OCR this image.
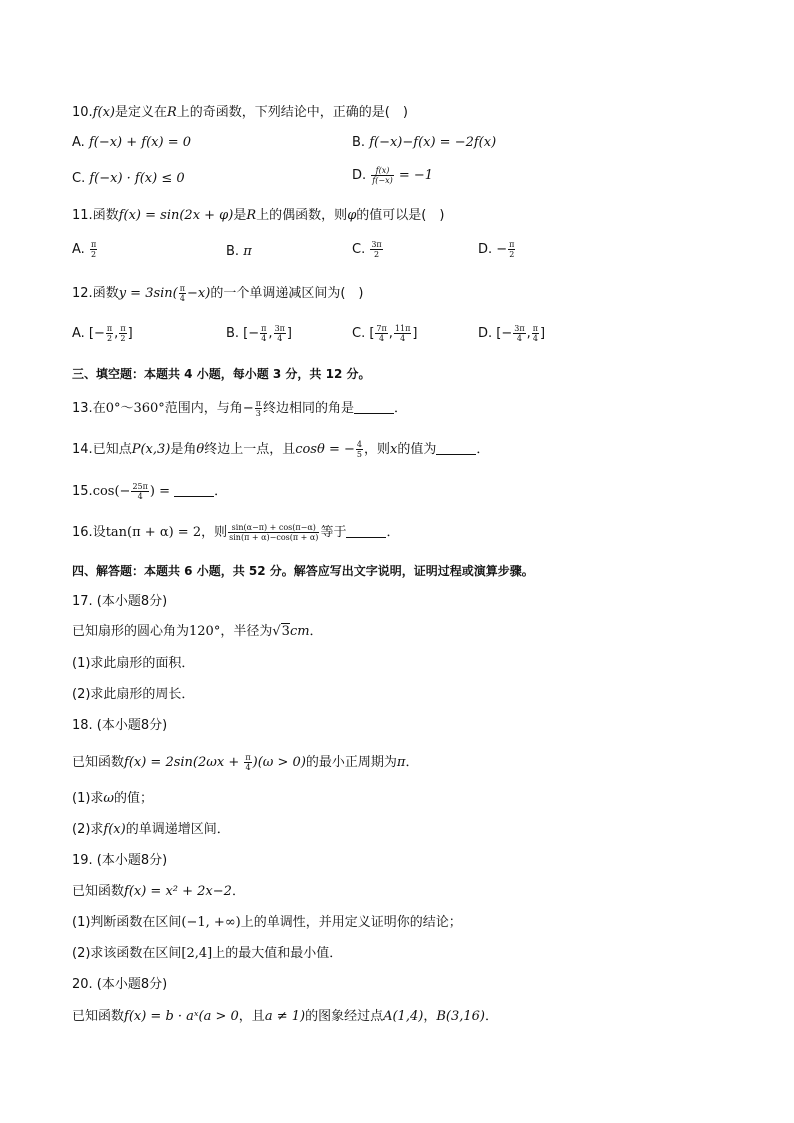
10.f(x)是定义在R上的奇函数，下列结论中，正确的是(　)
A. f(−x) + f(x) = 0	B. f(−x)−f(x) = −2f(x)
C. f(−x) · f(x) ≤ 0	D. $\frac{f(x)}{f(-x)} = -1$
11.函数f(x) = sin(2x + φ)是R上的偶函数，则φ的值可以是(　)
A. $\frac{\pi}{2}$	B. π	C. $\frac{3\pi}{2}$	D. − $\frac{\pi}{2}$
12.函数$y = 3\sin( \frac{\pi}{4} -x)$的一个单调递减区间为(　)
A. [− $\frac{\pi}{2}$ , $\frac{\pi}{2}$ ]	B. [− $\frac{\pi}{4}$ , $\frac{3\pi}{4}$ ]	C. [ $\frac{7\pi}{4}$ , $\frac{11\pi}{4}$ ]	D. [− $\frac{3\pi}{4}$ , $\frac{\pi}{4}$ ]
三、填空题：本题共 4 小题，每小题 3 分，共 12 分。
13.在0°～360°范围内，与角− $\frac{\pi}{3}$ 终边相同的角是	．
14.已知点P(x,3)是角θ终边上一点，且cosθ = − $\frac{4}{5}$ ，则x的值为	．
$15.\cos(- \frac{25\pi}{4}$ ) =	．
16.设tan(π + α) = 2，则 $\frac{\sin(\alpha-\pi) + \cos(\pi-\alpha)}{\sin(\pi + \alpha)-\cos(\pi + \alpha)}$ 等于	．
四、解答题：本题共 6 小题，共 52 分。解答应写出文字说明，证明过程或演算步骤。
17. (本小题8分)
已知扇形的圆心角为120°，半径为√3cm．
(1)求此扇形的面积．
(2)求此扇形的周长．
18. (本小题8分)
已知函数$f(x) = 2\sin(2\omega x + \frac{\pi}{4} )(\omega > 0)$的最小正周期为π．
(1)求ω的值；
(2)求f(x)的单调递增区间．
19. (本小题8分)
已知函数f(x) = x² + 2x−2．
(1)判断函数在区间(−1, +∞)上的单调性，并用定义证明你的结论；
(2)求该函数在区间[2,4]上的最大值和最小值．
20. (本小题8分)
已知函数f(x) = b · aˣ(a > 0，且a ≠ 1)的图象经过点A(1,4)，B(3,16)．
